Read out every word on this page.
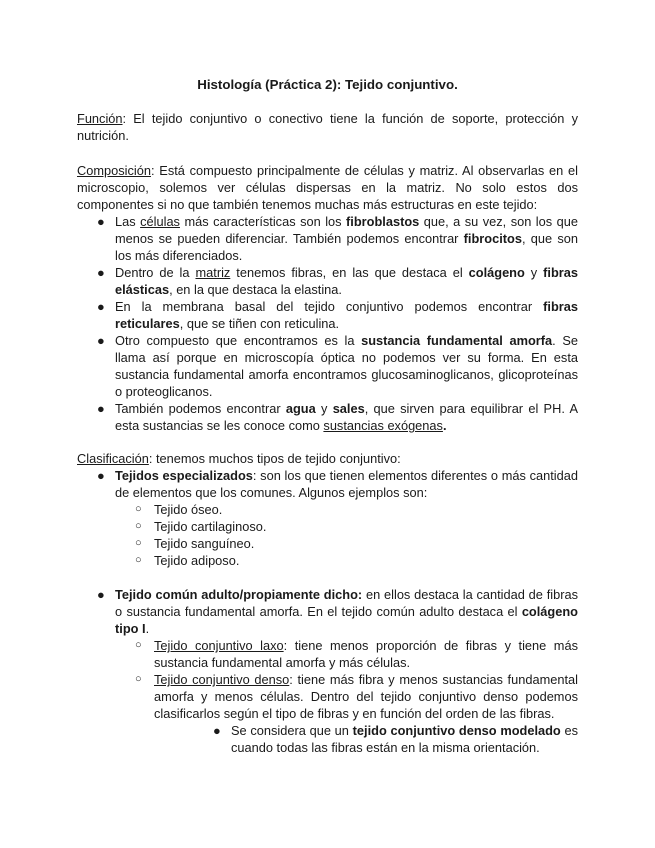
Histología (Práctica 2): Tejido conjuntivo.

Función: El tejido conjuntivo o conectivo tiene la función de soporte, protección y nutrición.

Composición: Está compuesto principalmente de células y matriz. Al observarlas en el microscopio, solemos ver células dispersas en la matriz. No solo estos dos componentes si no que también tenemos muchas más estructuras en este tejido:

● Las células más características son los fibroblastos que, a su vez, son los que menos se pueden diferenciar. También podemos encontrar fibrocitos, que son los más diferenciados.
● Dentro de la matriz tenemos fibras, en las que destaca el colágeno y fibras elásticas, en la que destaca la elastina.
● En la membrana basal del tejido conjuntivo podemos encontrar fibras reticulares, que se tiñen con reticulina.
● Otro compuesto que encontramos es la sustancia fundamental amorfa. Se llama así porque en microscopía óptica no podemos ver su forma. En esta sustancia fundamental amorfa encontramos glucosaminoglicanos, glicoproteínas o proteoglicanos.
● También podemos encontrar agua y sales, que sirven para equilibrar el PH. A esta sustancias se les conoce como sustancias exógenas.

Clasificación: tenemos muchos tipos de tejido conjuntivo:

● Tejidos especializados: son los que tienen elementos diferentes o más cantidad de elementos que los comunes. Algunos ejemplos son:
○ Tejido óseo.
○ Tejido cartilaginoso.
○ Tejido sanguíneo.
○ Tejido adiposo.
● Tejido común adulto/propiamente dicho: en ellos destaca la cantidad de fibras o sustancia fundamental amorfa. En el tejido común adulto destaca el colágeno tipo I.
○ Tejido conjuntivo laxo: tiene menos proporción de fibras y tiene más sustancia fundamental amorfa y más células.
○ Tejido conjuntivo denso: tiene más fibra y menos sustancias fundamental amorfa y menos células. Dentro del tejido conjuntivo denso podemos clasificarlos según el tipo de fibras y en función del orden de las fibras.
● Se considera que un tejido conjuntivo denso modelado es cuando todas las fibras están en la misma orientación.
